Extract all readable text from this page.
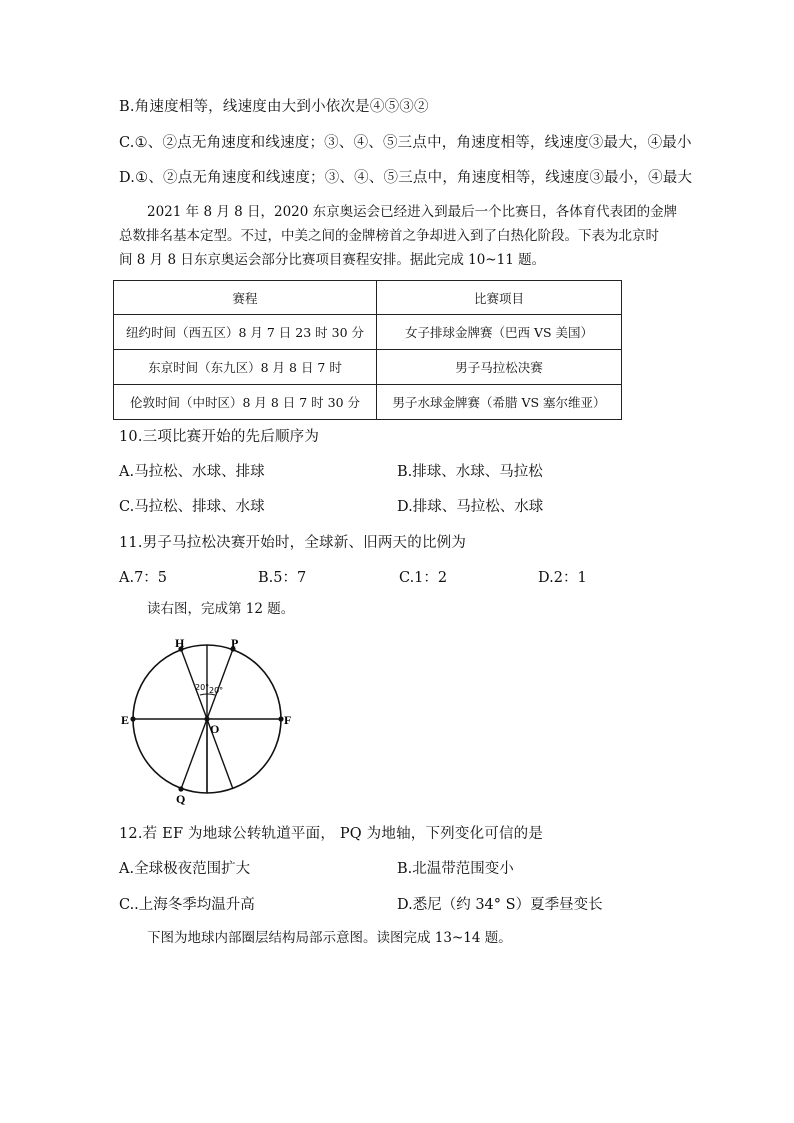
B.角速度相等，线速度由大到小依次是④⑤③②
C.①、②点无角速度和线速度；③、④、⑤三点中，角速度相等，线速度③最大，④最小
D.①、②点无角速度和线速度；③、④、⑤三点中，角速度相等，线速度③最小，④最大

2021 年 8 月 8 日，2020 东京奥运会已经进入到最后一个比赛日，各体育代表团的金牌

总数排名基本定型。不过，中美之间的金牌榜首之争却进入到了白热化阶段。下表为北京时

间 8 月 8 日东京奥运会部分比赛项目赛程安排。据此完成 10~11 题。

赛程	比赛项目
纽约时间（西五区）8 月 7 日 23 时 30 分	女子排球金牌赛（巴西 VS 美国）
东京时间（东九区）8 月 8 日 7 时	男子马拉松决赛
伦敦时间（中时区）8 月 8 日 7 时 30 分	男子水球金牌赛（希腊 VS 塞尔维亚）
10.三项比赛开始的先后顺序为
A.马拉松、水球、排球	B.排球、水球、马拉松
C.马拉松、排球、水球	D.排球、马拉松、水球
11.男子马拉松决赛开始时，全球新、旧两天的比例为
A.7：5	B.5：7	C.1：2	D.2：1

读右图，完成第 12 题。

H	P
E	F
O
Q
20° 20°
12.若 EF 为地球公转轨道平面， PQ 为地轴，下列变化可信的是
A.全球极夜范围扩大	B.北温带范围变小
C..上海冬季均温升高	D.悉尼（约 34° S）夏季昼变长

下图为地球内部圈层结构局部示意图。读图完成 13~14 题。
